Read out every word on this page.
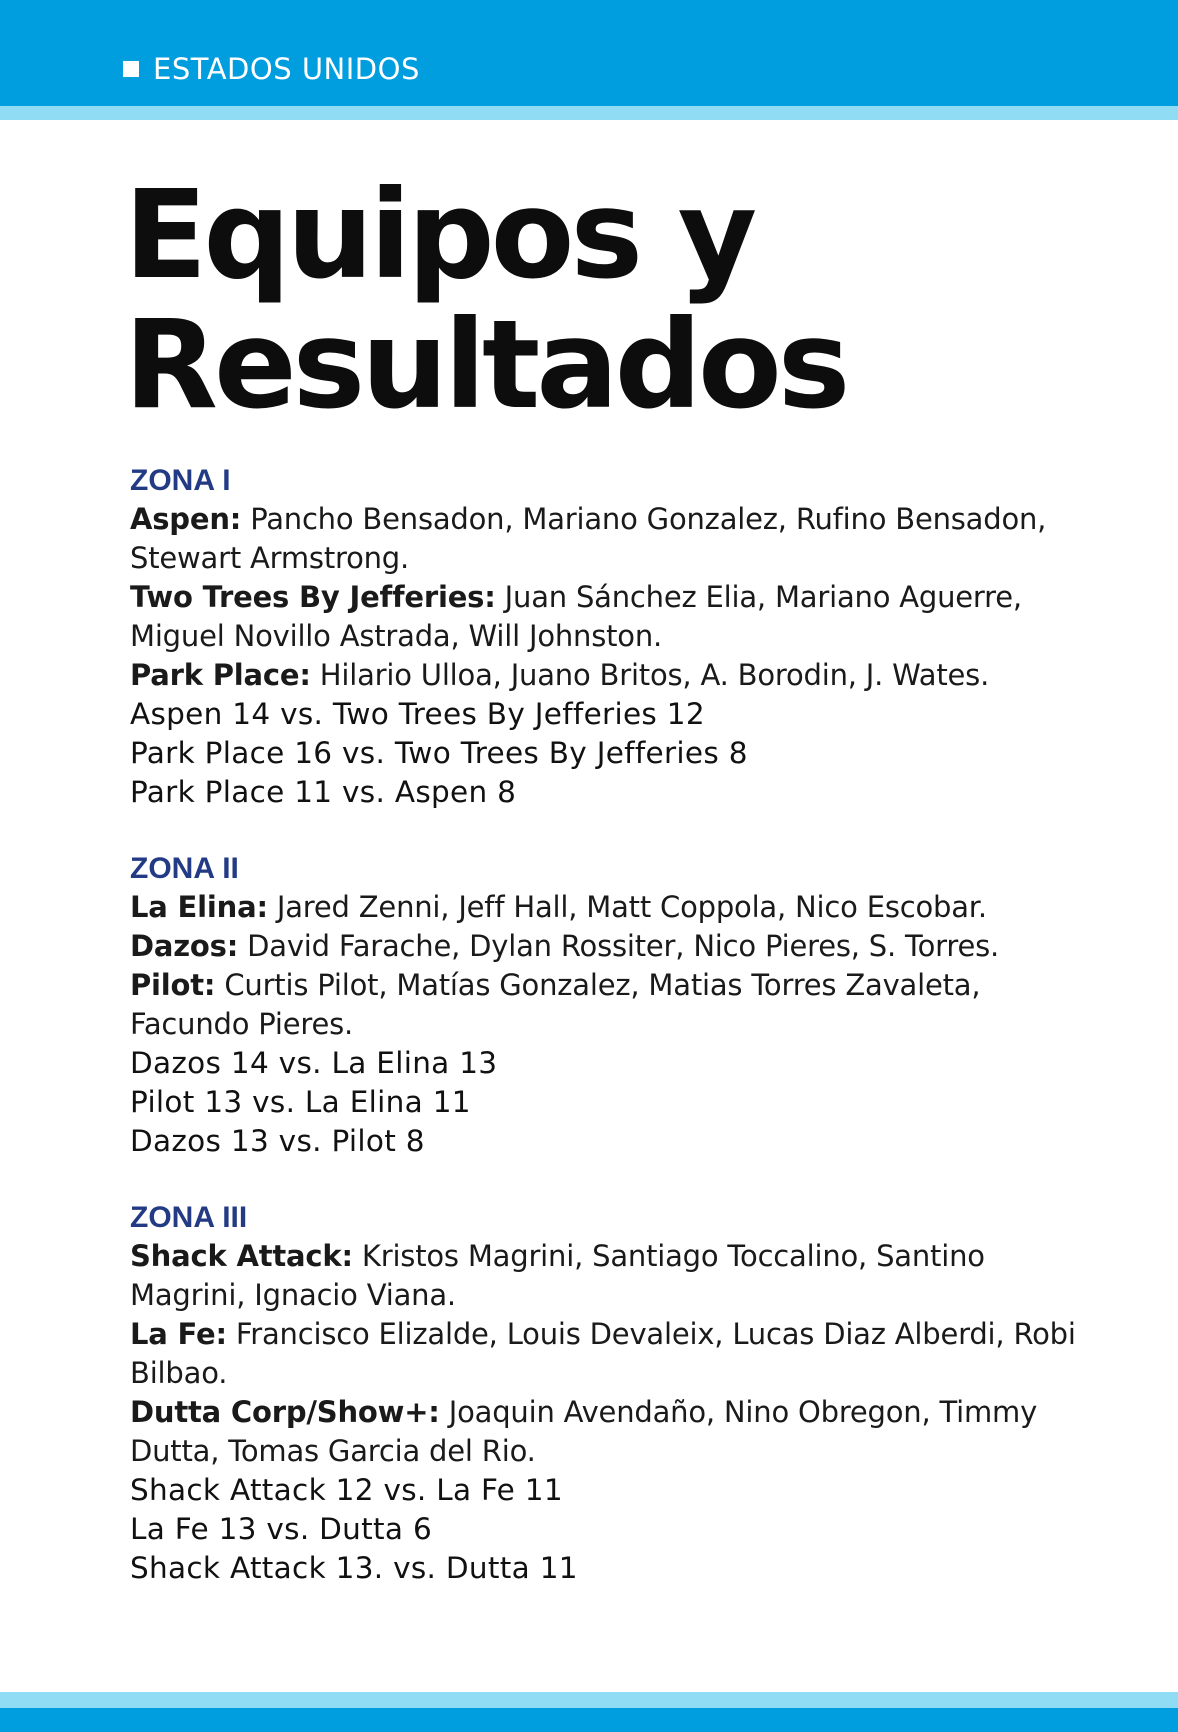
ESTADOS UNIDOS
Equipos y
Resultados
ZONA I
Aspen: Pancho Bensadon, Mariano Gonzalez, Rufino Bensadon, Stewart Armstrong.
Two Trees By Jefferies: Juan Sánchez Elia, Mariano Aguerre, Miguel Novillo Astrada, Will Johnston.
Park Place: Hilario Ulloa, Juano Britos, A. Borodin, J. Wates.
Aspen 14 vs. Two Trees By Jefferies 12
Park Place 16 vs. Two Trees By Jefferies 8
Park Place 11 vs. Aspen 8
ZONA II
La Elina: Jared Zenni, Jeff Hall, Matt Coppola, Nico Escobar.
Dazos: David Farache, Dylan Rossiter, Nico Pieres, S. Torres.
Pilot: Curtis Pilot, Matías Gonzalez, Matias Torres Zavaleta, Facundo Pieres.
Dazos 14 vs. La Elina 13
Pilot 13 vs. La Elina 11
Dazos 13 vs. Pilot 8
ZONA III
Shack Attack: Kristos Magrini, Santiago Toccalino, Santino Magrini, Ignacio Viana.
La Fe: Francisco Elizalde, Louis Devaleix, Lucas Diaz Alberdi, Robi Bilbao.
Dutta Corp/Show+: Joaquin Avendaño, Nino Obregon, Timmy Dutta, Tomas Garcia del Rio.
Shack Attack 12 vs. La Fe 11
La Fe 13 vs. Dutta 6
Shack Attack 13. vs. Dutta 11
